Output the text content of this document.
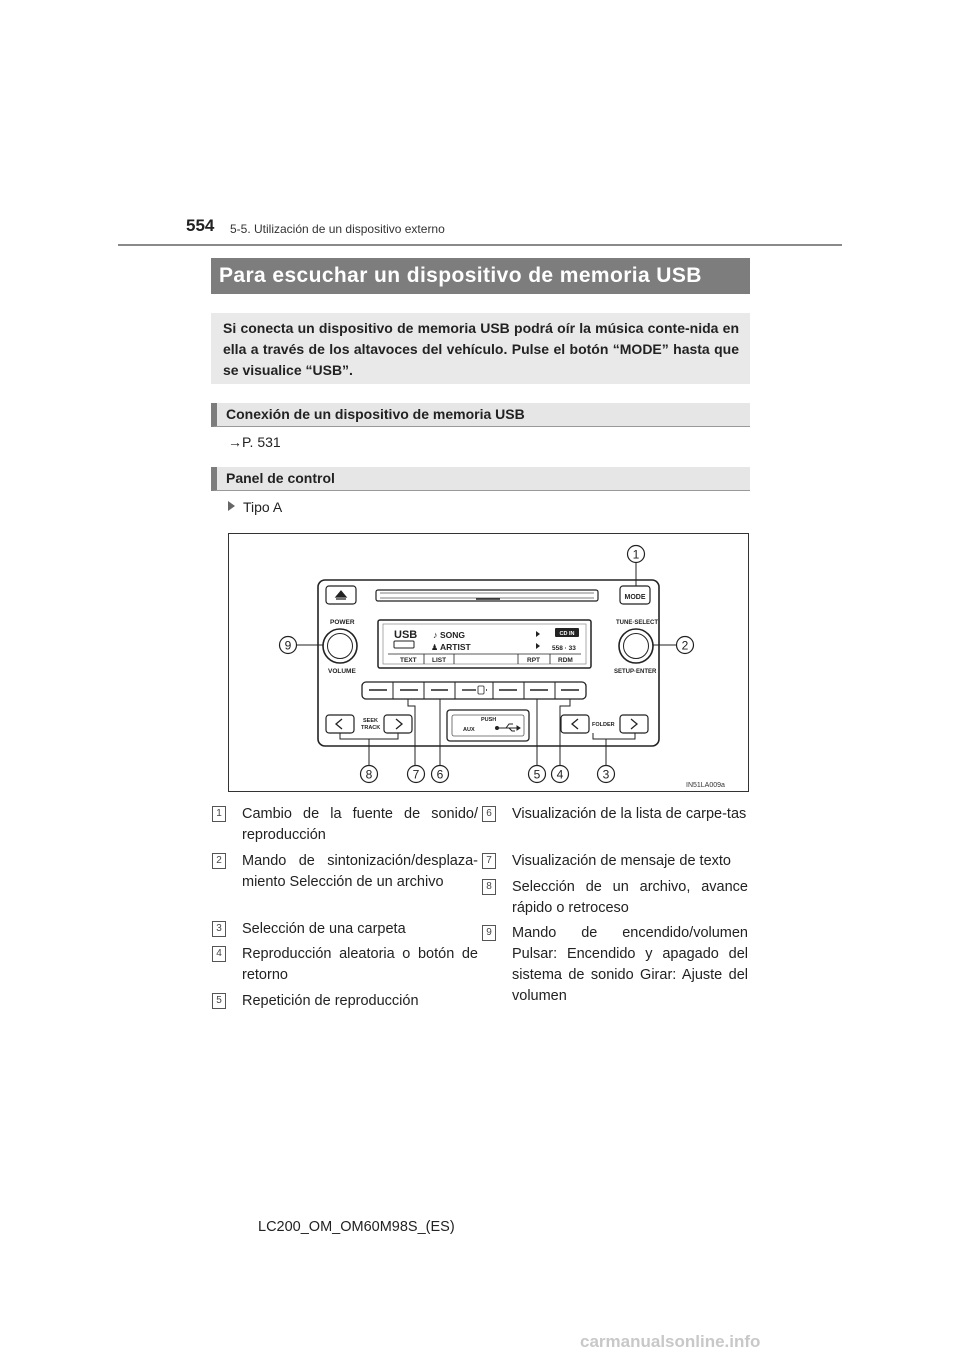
554 5-5. Utilización de un dispositivo externo
Para escuchar un dispositivo de memoria USB
Si conecta un dispositivo de memoria USB podrá oír la música conte-nida en ella a través de los altavoces del vehículo. Pulse el botón “MODE” hasta que se visualice “USB”.
Conexión de un dispositivo de memoria USB
→P. 531
Panel de control
Tipo A
MODE
POWER
VOLUME
TUNE·SELECT
SETUP·ENTER
USB ♪ SONG
♟ ARTIST
CD IN
558 · 33
TEXT LIST	RPT	RDM
SEEK
TRACK
PUSH
AUX
FOLDER
1
2
3
4
5
6
7
8
9
IN51LA009a
1 Cambio de la fuente de sonido/ reproducción
2 Mando de sintonización/desplaza-miento Selección de un archivo
3 Selección de una carpeta
4 Reproducción aleatoria o botón de retorno
5 Repetición de reproducción
6 Visualización de la lista de carpe-tas
7 Visualización de mensaje de texto
8 Selección de un archivo, avance rápido o retroceso
9 Mando de encendido/volumen Pulsar: Encendido y apagado del sistema de sonido Girar: Ajuste del volumen
LC200_OM_OM60M98S_(ES)
carmanualsonline.info
